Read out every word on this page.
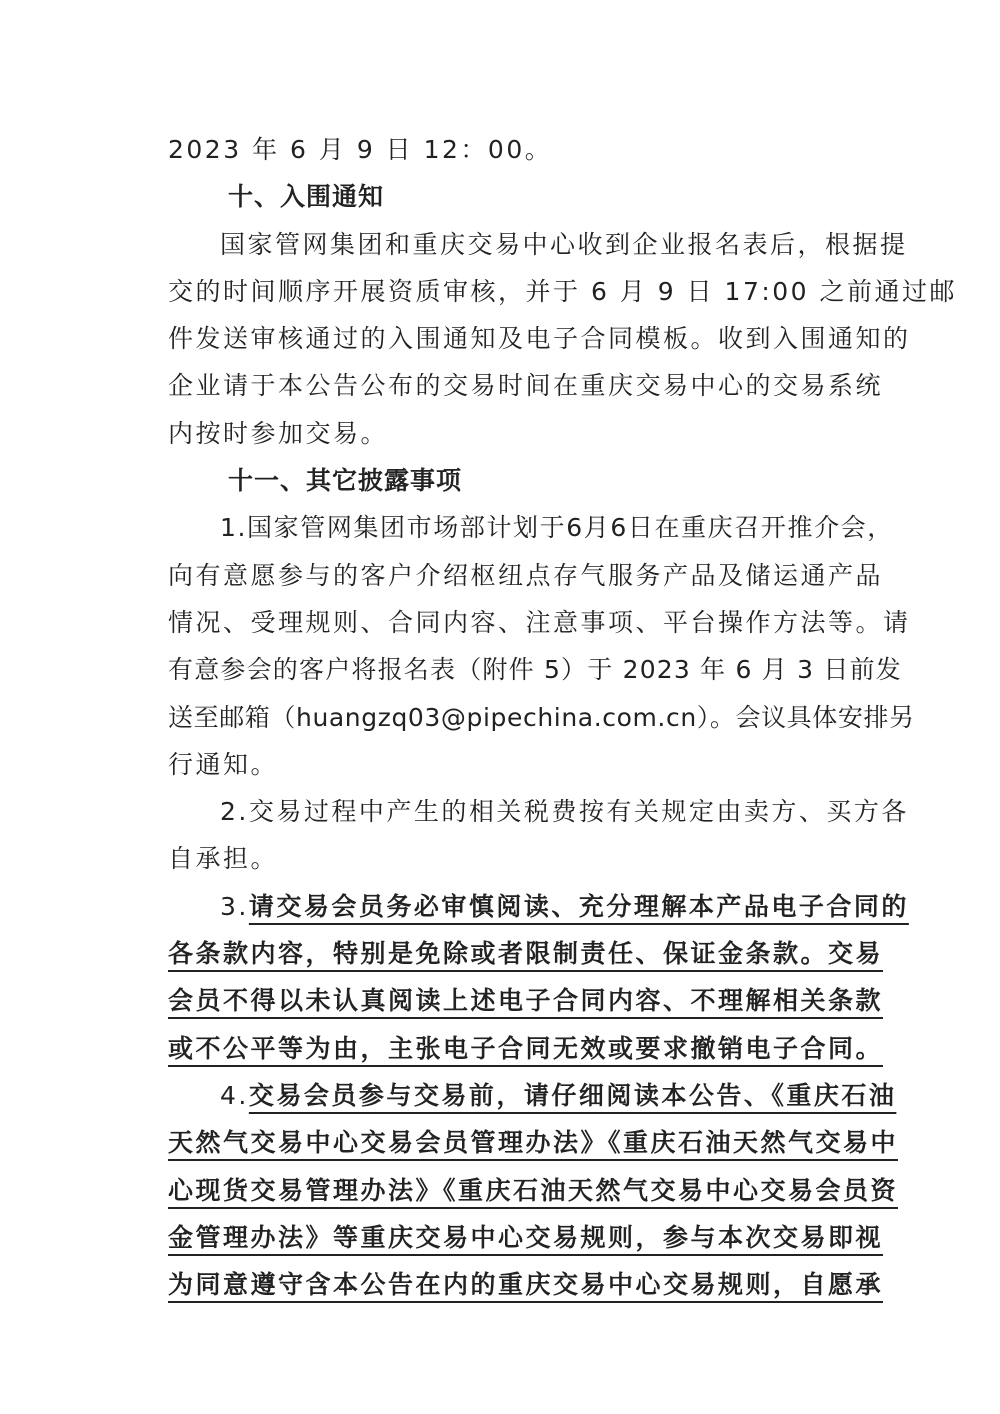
2023 年 6 月 9 日 12：00。
十、入围通知
国家管网集团和重庆交易中心收到企业报名表后，根据提
交的时间顺序开展资质审核，并于 6 月 9 日 17:00 之前通过邮
件发送审核通过的入围通知及电子合同模板。收到入围通知的
企业请于本公告公布的交易时间在重庆交易中心的交易系统
内按时参加交易。
十一、其它披露事项
1.国家管网集团市场部计划于6月6日在重庆召开推介会，
向有意愿参与的客户介绍枢纽点存气服务产品及储运通产品
情况、受理规则、合同内容、注意事项、平台操作方法等。请
有意参会的客户将报名表（附件 5）于 2023 年 6 月 3 日前发
送至邮箱（huangzq03@pipechina.com.cn）。会议具体安排另
行通知。
2.交易过程中产生的相关税费按有关规定由卖方、买方各
自承担。
3.请交易会员务必审慎阅读、充分理解本产品电子合同的
各条款内容，特别是免除或者限制责任、保证金条款。交易
会员不得以未认真阅读上述电子合同内容、不理解相关条款
或不公平等为由，主张电子合同无效或要求撤销电子合同。
4.交易会员参与交易前，请仔细阅读本公告、《重庆石油
天然气交易中心交易会员管理办法》《重庆石油天然气交易中
心现货交易管理办法》《重庆石油天然气交易中心交易会员资
金管理办法》等重庆交易中心交易规则，参与本次交易即视
为同意遵守含本公告在内的重庆交易中心交易规则，自愿承
